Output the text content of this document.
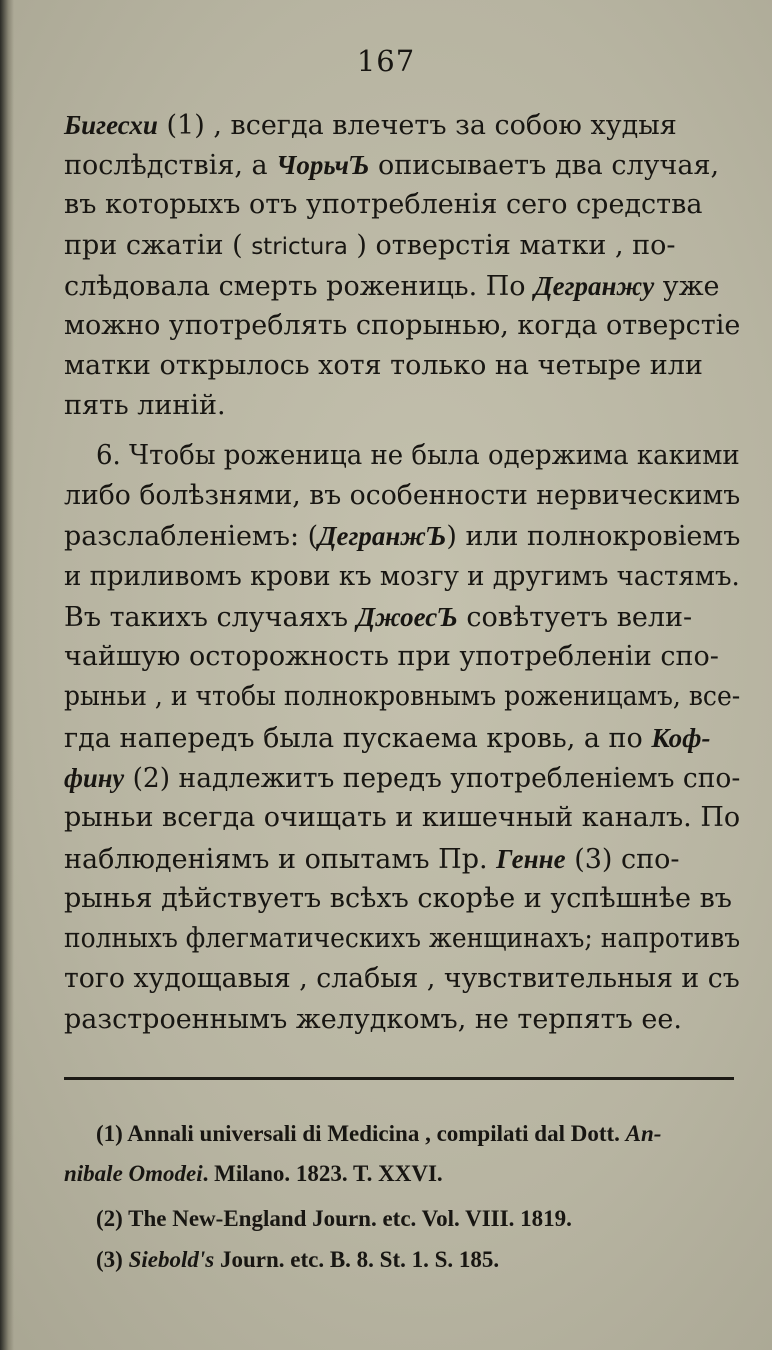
167
Бигесхи (1) , всегда влечетъ за собою худыя
послѣдствія, а ЧорьчЪ описываетъ два случая,
въ которыхъ отъ употребленія сего средства
при сжатіи ( strictura ) отверстія матки , по-
слѣдовала смерть рожениць. По Дегранжу уже
можно употреблять спорынью, когда отверстіе
матки открылось хотя только на четыре или
пять линій.
6. Чтобы роженица не была одержима какими
либо болѣзнями, въ особенности нервическимъ
разслабленіемъ: (ДегранжЪ) или полнокровіемъ
и приливомъ крови къ мозгу и другимъ частямъ.
Въ такихъ случаяхъ ДжоесЪ совѣтуетъ вели-
чайшую осторожность при употребленіи спо-
рыньи , и чтобы полнокровнымъ роженицамъ, все-
гда напередъ была пускаема кровь, а по Коф-
фину (2) надлежитъ передъ употребленіемъ спо-
рыньи всегда очищать и кишечный каналъ. По
наблюденіямъ и опытамъ Пр. Генне (3) спо-
рынья дѣйствуетъ всѣхъ скорѣе и успѣшнѣе въ
полныхъ флегматическихъ женщинахъ; напротивъ
того худощавыя , слабыя , чувствительныя и съ
разстроеннымъ желудкомъ, не терпятъ ее.
(1) Annali universali di Medicina , compilati dal Dott. An-
nibale Omodei. Milano. 1823. T. XXVI.
(2) The New-England Journ. etc. Vol. VIII. 1819.
(3) Siebold's Journ. etc. B. 8. St. 1. S. 185.
